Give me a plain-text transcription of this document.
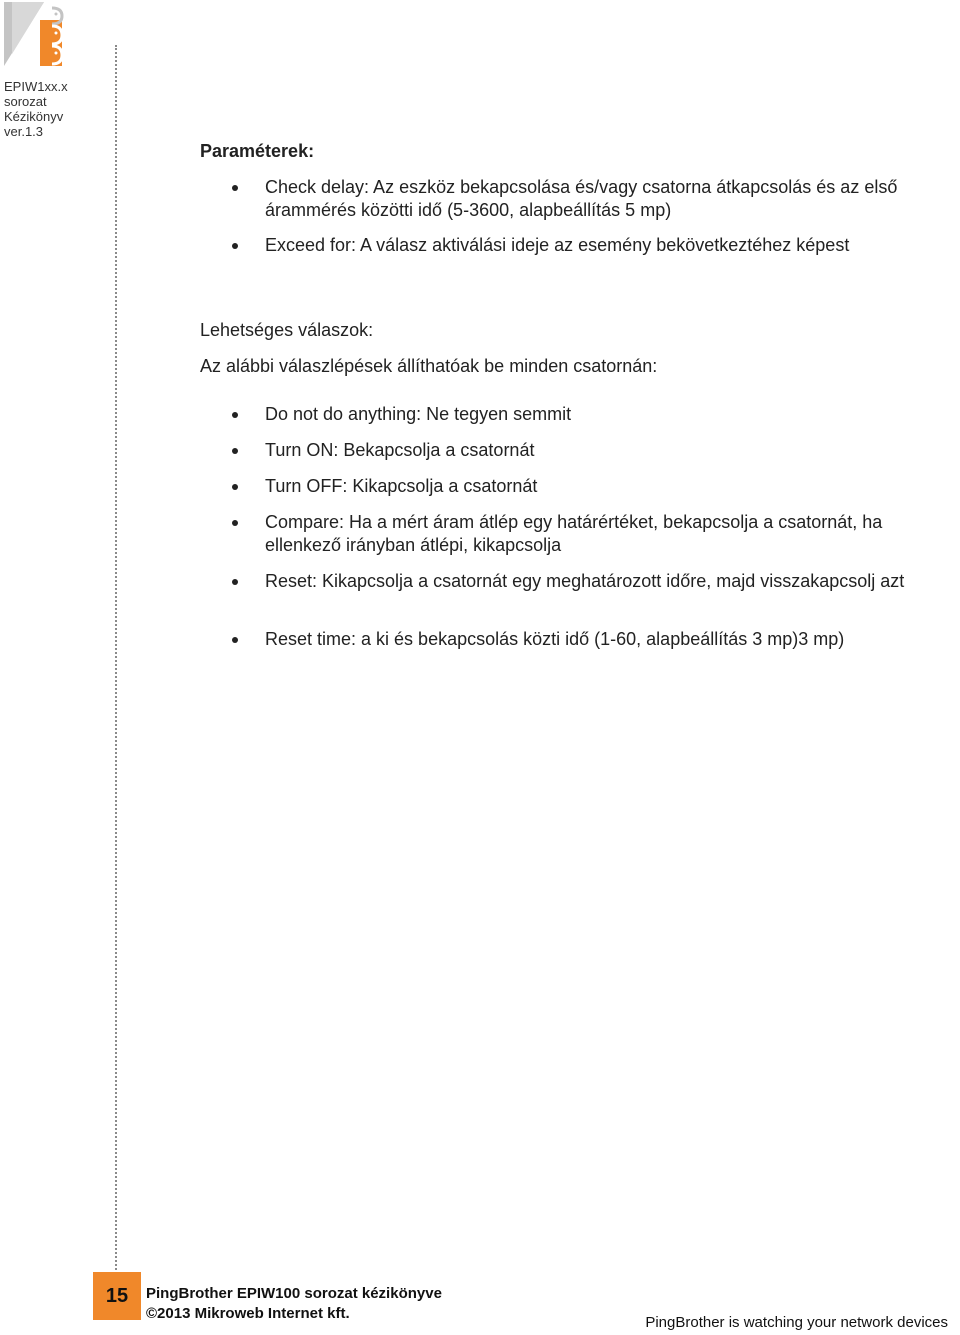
EPIW1xx.x
sorozat
Kézikönyv
ver.1.3
Paraméterek:
Check delay: Az eszköz bekapcsolása és/vagy csatorna átkapcsolás és az első árammérés közötti idő (5-3600, alapbeállítás 5 mp)
Exceed for: A válasz aktiválási ideje az esemény bekövetkeztéhez képest
Lehetséges válaszok:
Az alábbi válaszlépések állíthatóak be minden csatornán:
Do not do anything: Ne tegyen semmit
Turn ON: Bekapcsolja a csatornát
Turn OFF: Kikapcsolja a csatornát
Compare: Ha a mért áram átlép egy határértéket, bekapcsolja a csatornát, ha ellenkező irányban átlépi, kikapcsolja
Reset: Kikapcsolja a csatornát egy meghatározott időre, majd visszakapcsolj azt
Reset time: a ki és bekapcsolás közti idő (1-60, alapbeállítás 3 mp)3 mp)
15	PingBrother EPIW100 sorozat kézikönyve
©2013 Mikroweb Internet kft.
PingBrother is watching your network devices
